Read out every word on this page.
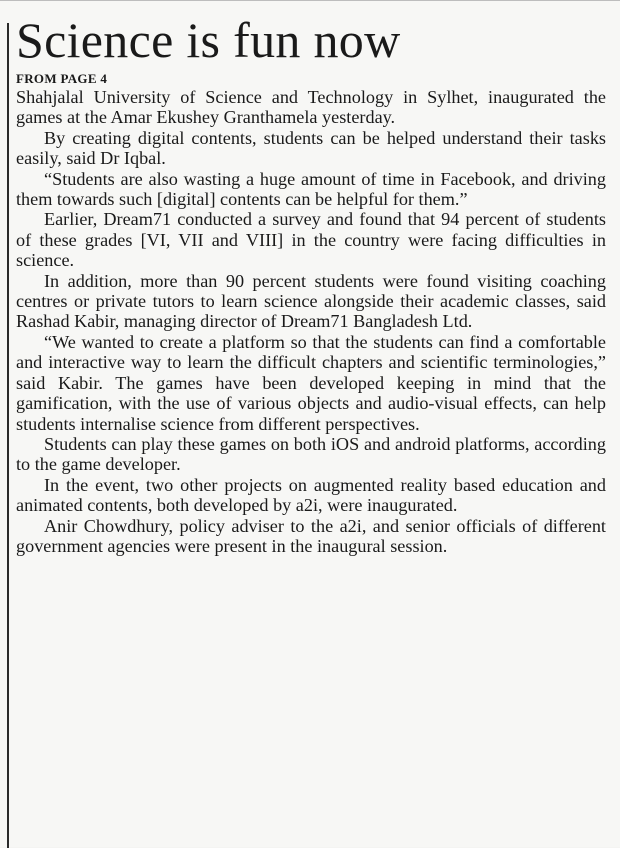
Science is fun now
FROM PAGE 4

Shahjalal University of Science and Technology in Sylhet, inaugurated the games at the Amar Ekushey Granthamela yesterday.

By creating digital contents, students can be helped understand their tasks easily, said Dr Iqbal.

“Students are also wasting a huge amount of time in Facebook, and driving them towards such [digital] contents can be helpful for them.”

Earlier, Dream71 conducted a survey and found that 94 percent of students of these grades [VI, VII and VIII] in the country were facing difficulties in science.

In addition, more than 90 percent students were found visiting coaching centres or private tutors to learn science alongside their academic classes, said Rashad Kabir, managing director of Dream71 Bangladesh Ltd.

“We wanted to create a platform so that the students can find a comfortable and interactive way to learn the difficult chapters and scientific terminologies,” said Kabir. The games have been developed keeping in mind that the gamification, with the use of various objects and audio-visual effects, can help students internalise science from different perspectives.

Students can play these games on both iOS and android platforms, according to the game developer.

In the event, two other projects on augmented reality based education and animated contents, both developed by a2i, were inaugurated.

Anir Chowdhury, policy adviser to the a2i, and senior officials of different government agencies were present in the inaugural session.
